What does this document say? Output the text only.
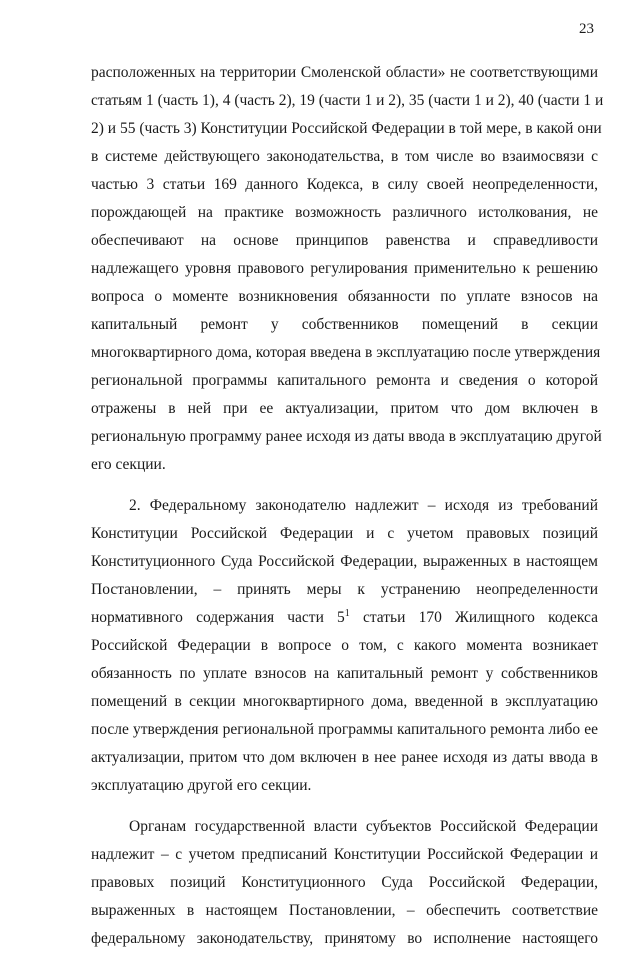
23
расположенных на территории Смоленской области» не соответствующими
статьям 1 (часть 1), 4 (часть 2), 19 (части 1 и 2), 35 (части 1 и 2), 40 (части 1 и
2) и 55 (часть 3) Конституции Российской Федерации в той мере, в какой они
в системе действующего законодательства, в том числе во взаимосвязи с
частью 3 статьи 169 данного Кодекса, в силу своей неопределенности,
порождающей на практике возможность различного истолкования, не
обеспечивают на основе принципов равенства и справедливости
надлежащего уровня правового регулирования применительно к решению
вопроса о моменте возникновения обязанности по уплате взносов на
капитальный ремонт у собственников помещений в секции
многоквартирного дома, которая введена в эксплуатацию после утверждения
региональной программы капитального ремонта и сведения о которой
отражены в ней при ее актуализации, притом что дом включен в
региональную программу ранее исходя из даты ввода в эксплуатацию другой
его секции.
2. Федеральному законодателю надлежит – исходя из требований
Конституции Российской Федерации и с учетом правовых позиций
Конституционного Суда Российской Федерации, выраженных в настоящем
Постановлении, – принять меры к устранению неопределенности
нормативного содержания части $5^1$ статьи 170 Жилищного кодекса
Российской Федерации в вопросе о том, с какого момента возникает
обязанность по уплате взносов на капитальный ремонт у собственников
помещений в секции многоквартирного дома, введенной в эксплуатацию
после утверждения региональной программы капитального ремонта либо ее
актуализации, притом что дом включен в нее ранее исходя из даты ввода в
эксплуатацию другой его секции.
Органам государственной власти субъектов Российской Федерации
надлежит – с учетом предписаний Конституции Российской Федерации и
правовых позиций Конституционного Суда Российской Федерации,
выраженных в настоящем Постановлении, – обеспечить соответствие
федеральному законодательству, принятому во исполнение настоящего
